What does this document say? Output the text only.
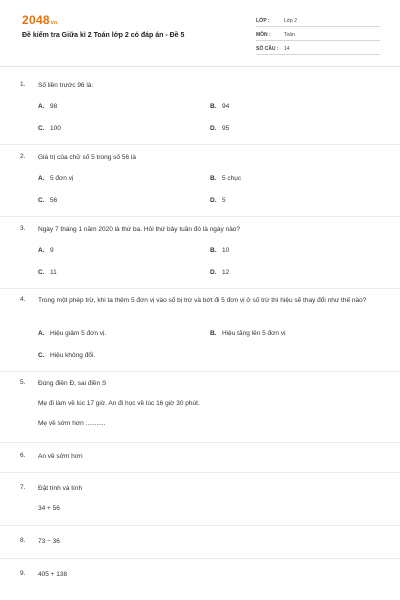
2048vn
Đề kiểm tra Giữa kì 2 Toán lớp 2 có đáp án - Đề 5
LỚP :	Lớp 2
MÔN :	Toán
SỐ CÂU : 14
1. Số liền trước 96 là:
A. 98	B. 94
C. 100	D. 95
2. Giá trị của chữ số 5 trong số 56 là
A. 5 đơn vị	B. 5 chục
C. 56	D. 5
3. Ngày 7 tháng 1 năm 2020 là thứ ba. Hỏi thứ bảy tuần đó là ngày nào?
A. 9	B. 10
C. 11	D. 12
4. Trong một phép trừ, khi ta thêm 5 đơn vị vào số bị trừ và bớt đi 5 đơn vị ở số trừ thì hiệu sẽ thay đổi như thế nào?
A. Hiệu giảm 5 đơn vị.	B. Hiệu tăng lên 5 đơn vị
C. Hiệu không đổi.
5. Đúng điền Đ, sai điền S
Mẹ đi làm về lúc 17 giờ. An đi học về lúc 16 giờ 30 phút.
Mẹ về sớm hơn ...........
6. An về sớm hơn
7. Đặt tính và tính
34 + 56
8. 73 − 36
9. 405 + 138
